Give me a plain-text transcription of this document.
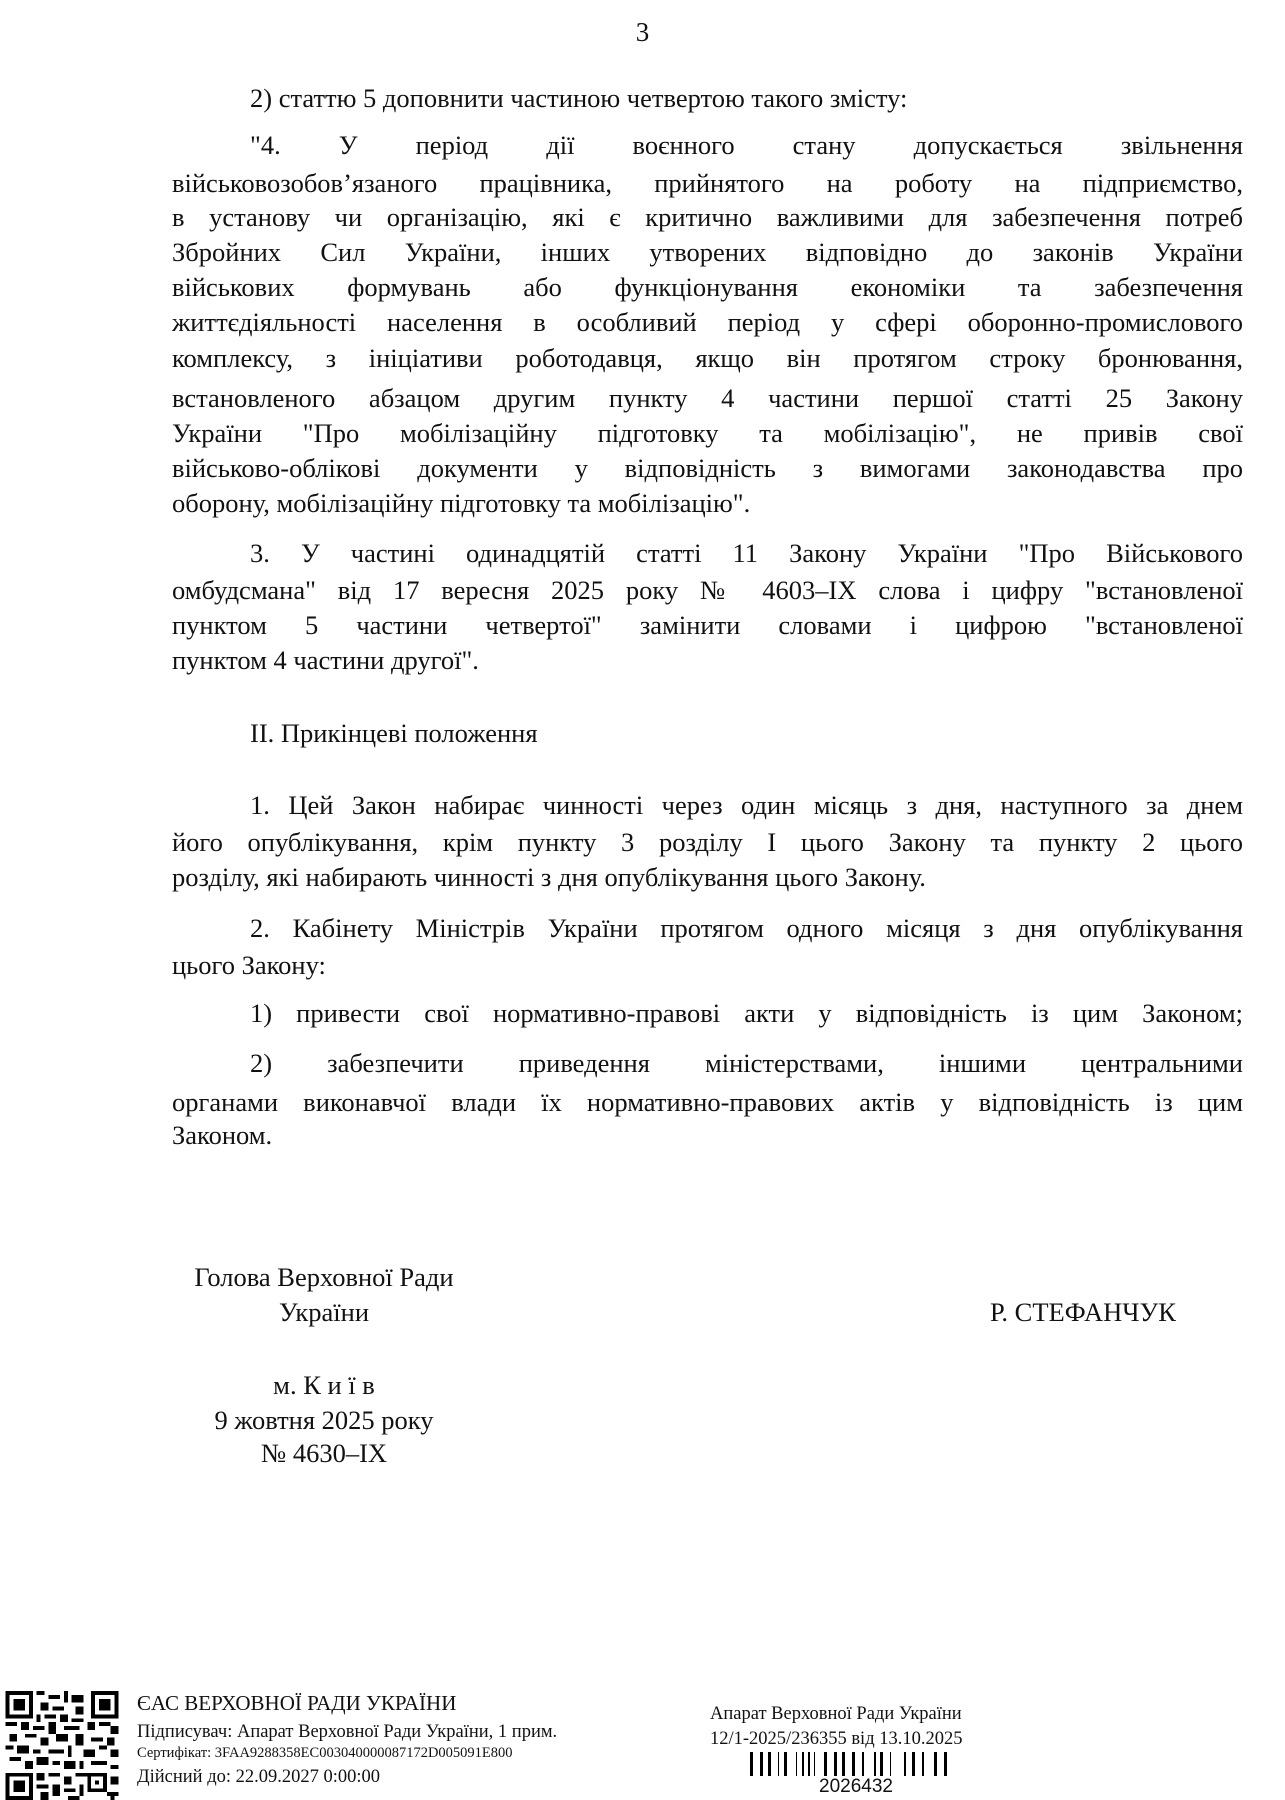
3
2) статтю 5 доповнити частиною четвертою такого змісту:
"4. У період дії воєнного стану допускається звільнення
військовозобов’язаного працівника, прийнятого на роботу на підприємство,
в установу чи організацію, які є критично важливими для забезпечення потреб
Збройних Сил України, інших утворених відповідно до законів України
військових формувань або функціонування економіки та забезпечення
життєдіяльності населення в особливий період у сфері оборонно-промислового
комплексу, з ініціативи роботодавця, якщо він протягом строку бронювання,
встановленого абзацом другим пункту 4 частини першої статті 25 Закону
України "Про мобілізаційну підготовку та мобілізацію", не привів свої
військово-облікові документи у відповідність з вимогами законодавства про
оборону, мобілізаційну підготовку та мобілізацію".
3. У частині одинадцятій статті 11 Закону України "Про Військового
омбудсмана" від 17 вересня 2025 року № 4603–IX слова і цифру "встановленої
пунктом 5 частини четвертої" замінити словами і цифрою "встановленої
пунктом 4 частини другої".
II. Прикінцеві положення
1. Цей Закон набирає чинності через один місяць з дня, наступного за днем
його опублікування, крім пункту 3 розділу I цього Закону та пункту 2 цього
розділу, які набирають чинності з дня опублікування цього Закону.
2. Кабінету Міністрів України протягом одного місяця з дня опублікування
цього Закону:
1) привести свої нормативно-правові акти у відповідність із цим Законом;
2) забезпечити приведення міністерствами, іншими центральними
органами виконавчої влади їх нормативно-правових актів у відповідність із цим
Законом.
Голова Верховної Ради
України	Р. СТЕФАНЧУК
м. К и ї в
9 жовтня 2025 року
№ 4630–IX
ЄАС ВЕРХОВНОЇ РАДИ УКРАЇНИ
Підписувач: Апарат Верховної Ради України, 1 прим.
Сертифікат: 3FAA9288358EC003040000087172D005091E800
Дійсний до: 22.09.2027 0:00:00
Апарат Верховної Ради України
12/1-2025/236355 від 13.10.2025
2026432
